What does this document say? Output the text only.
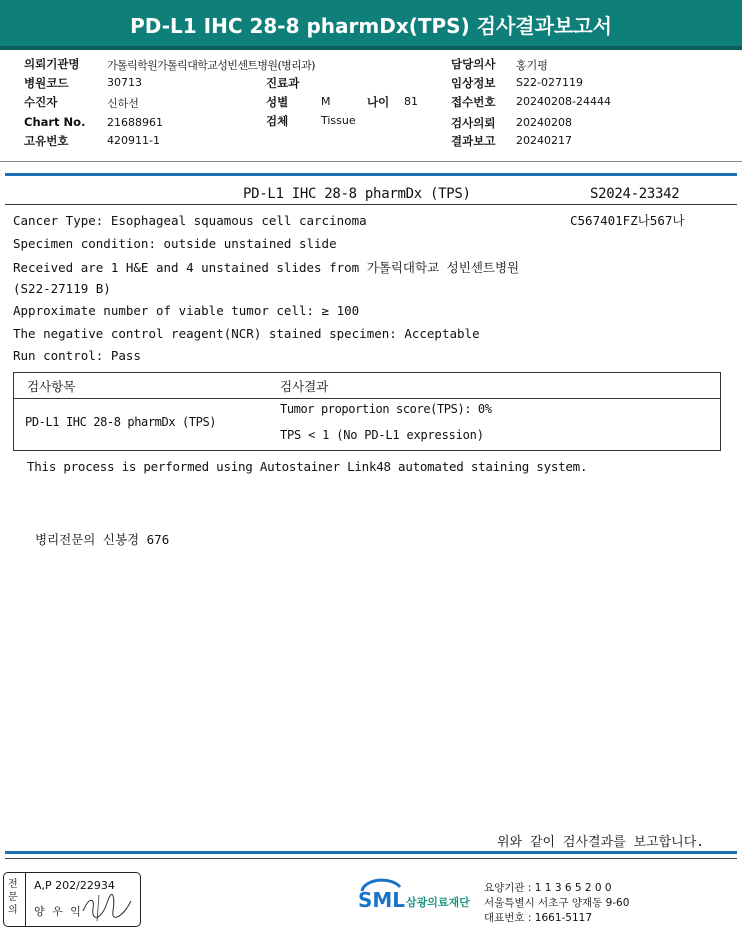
PD-L1 IHC 28-8 pharmDx(TPS) 검사결과보고서
의뢰기관명 가톨릭학원가톨릭대학교성빈센트병원(병리과)
병원코드	30713
수진자	신하선
Chart No. 21688961
고유번호	420911-1
진료과
성별	M	나이 81
검체	Tissue
담당의사 홍기평
임상정보 S22-027119
접수번호 20240208-24444
검사의뢰 20240208
결과보고 20240217
PD-L1 IHC 28-8 pharmDx (TPS)	S2024-23342
C567401FZ나567나
Cancer Type: Esophageal squamous cell carcinoma
Specimen condition: outside unstained slide
Received are 1 H&E and 4 unstained slides from 가톨릭대학교 성빈센트병원
(S22-27119 B)
Approximate number of viable tumor cell: ≥ 100
The negative control reagent(NCR) stained specimen: Acceptable
Run control: Pass
검사항목	검사결과
PD-L1 IHC 28-8 pharmDx (TPS)
Tumor proportion score(TPS): 0%
TPS < 1 (No PD-L1 expression)
This process is performed using Autostainer Link48 automated staining system.
병리전문의 신봉경 676
위와 같이 검사결과를 보고합니다.
전문의
A,P 202/22934
양 우 익	SML 삼광의료재단
요양기관 : 1 1 3 6 5 2 0 0
서울특별시 서초구 양재동 9-60
대표번호 : 1661-5117
